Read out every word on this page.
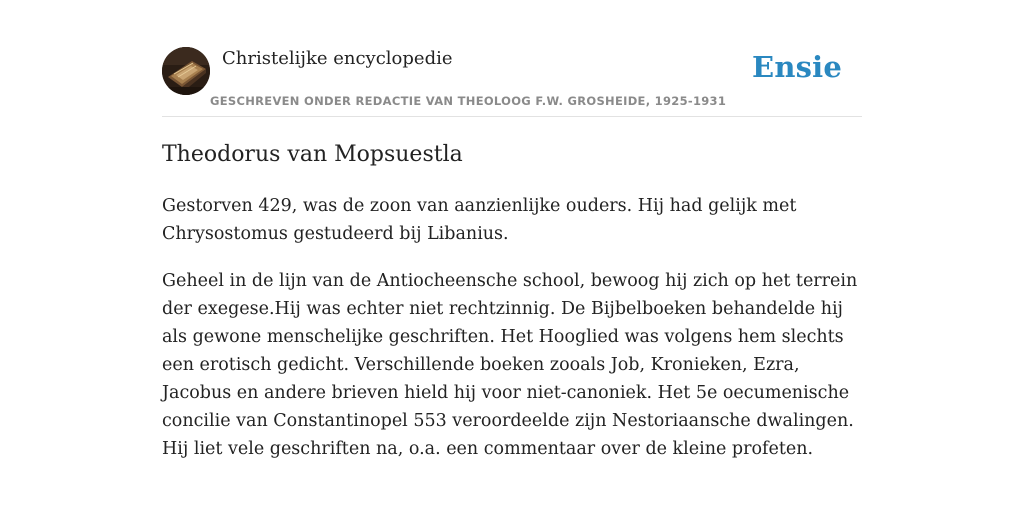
Christelijke encyclopedie
GESCHREVEN ONDER REDACTIE VAN THEOLOOG F.W. GROSHEIDE, 1925-1931
Ensie
Theodorus van Mopsuestla

Gestorven 429, was de zoon van aanzienlijke ouders. Hij had gelijk met Chrysostomus gestudeerd bij Libanius.

Geheel in de lijn van de Antiocheensche school, bewoog hij zich op het terrein der exegese.Hij was echter niet rechtzinnig. De Bijbelboeken behandelde hij als gewone menschelijke geschriften. Het Hooglied was volgens hem slechts een erotisch gedicht. Verschillende boeken zooals Job, Kronieken, Ezra, Jacobus en andere brieven hield hij voor niet-canoniek. Het 5e oecumenische concilie van Constantinopel 553 veroordeelde zijn Nestoriaansche dwalingen. Hij liet vele geschriften na, o.a. een commentaar over de kleine profeten.
